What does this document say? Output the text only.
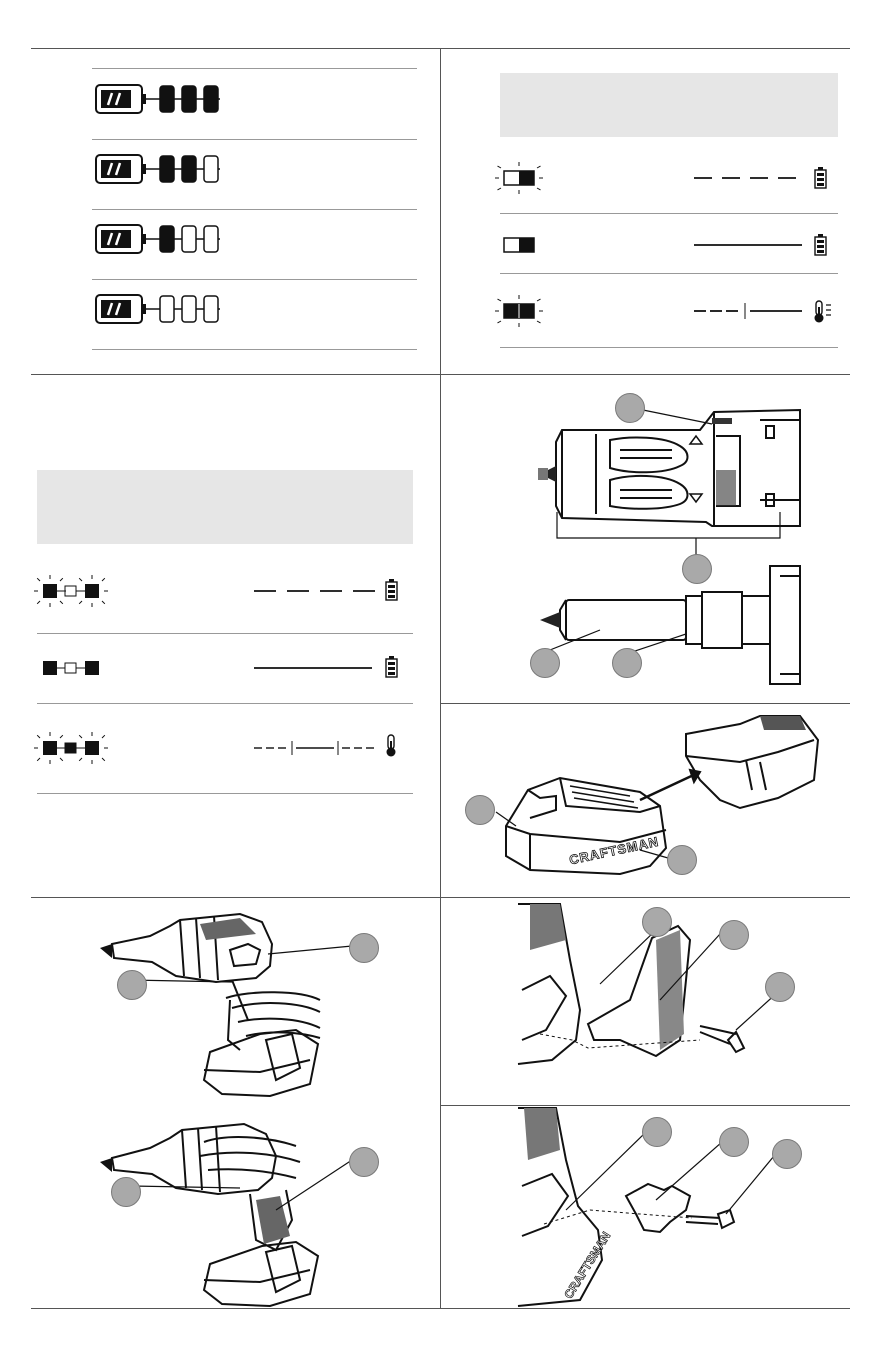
CRAFTSMAN
CRAFTSMAN
